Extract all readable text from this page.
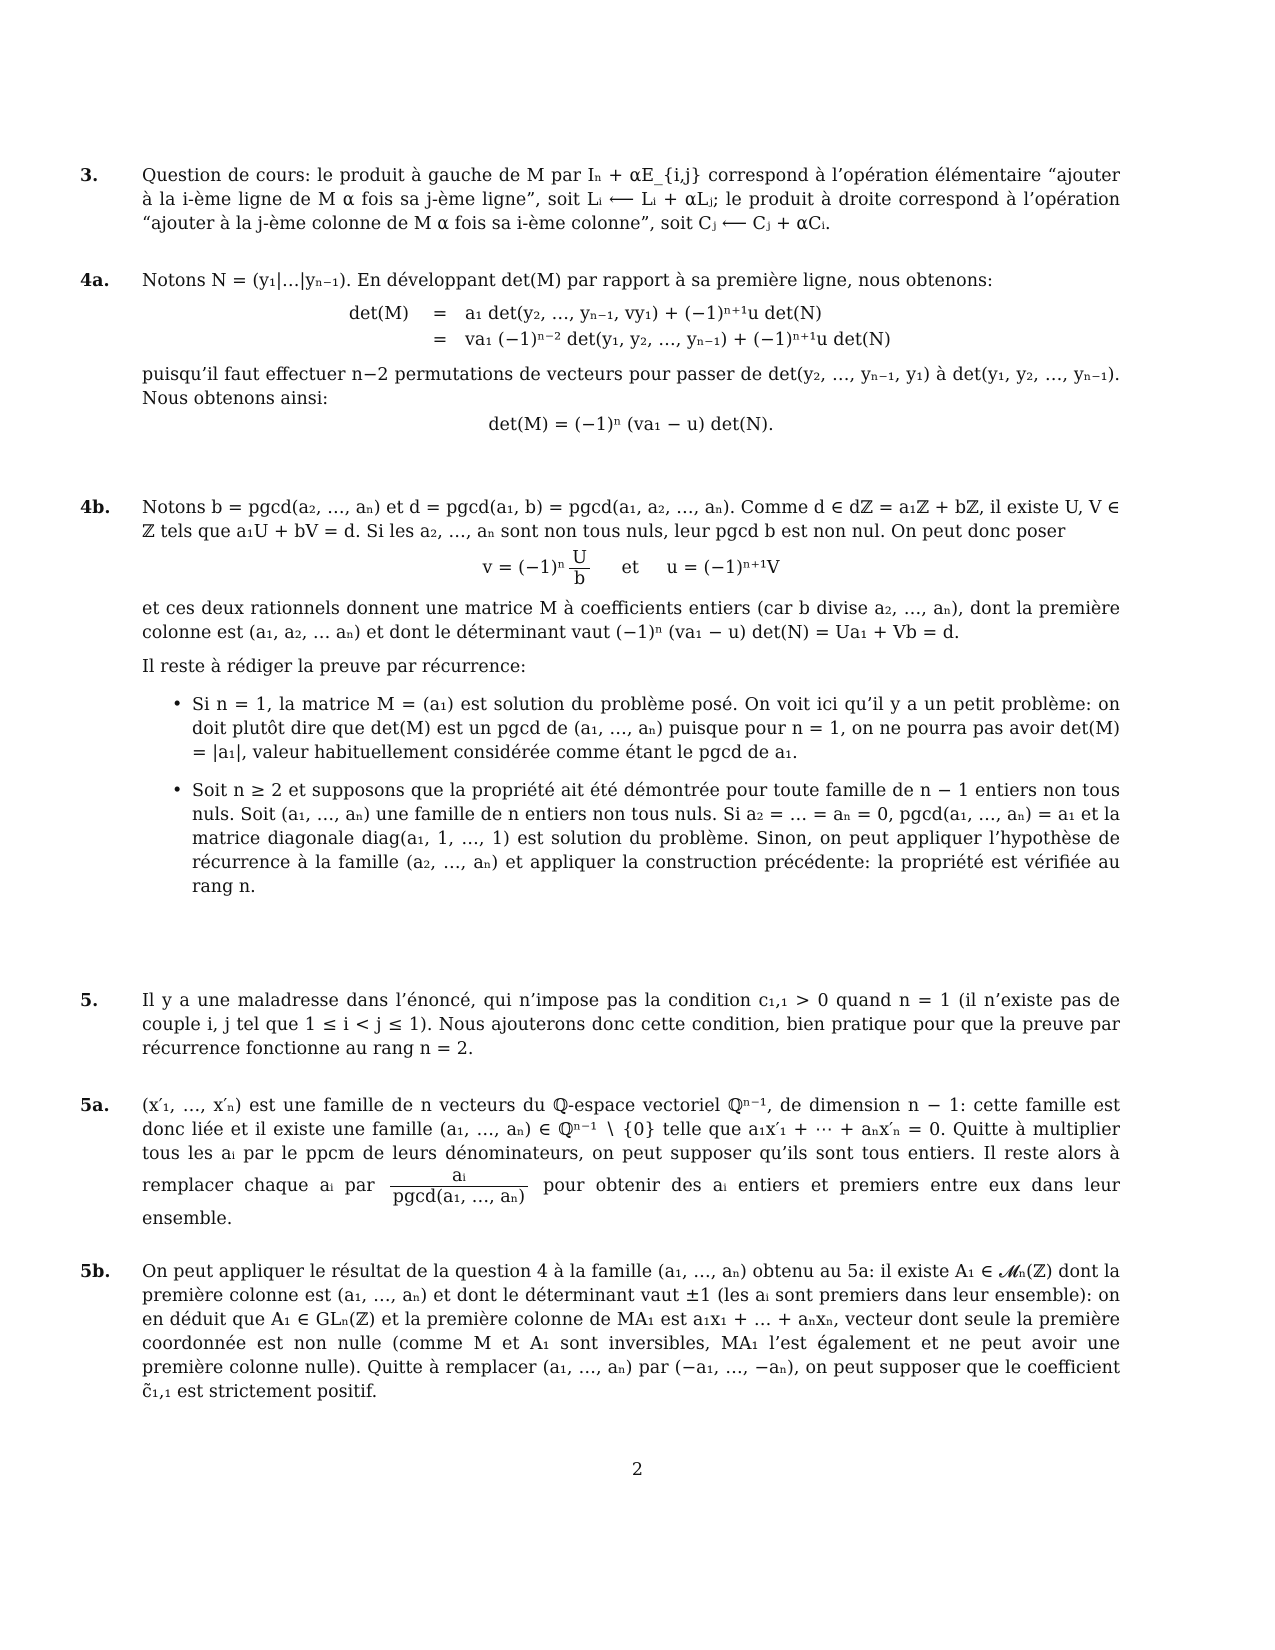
3.	Question de cours: le produit à gauche de M par Iₙ + αE_{i,j} correspond à l’opération élémentaire “ajouter à la i-ème ligne de M α fois sa j-ème ligne”, soit Lᵢ ⟵ Lᵢ + αLⱼ; le produit à droite correspond à l’opération “ajouter à la j-ème colonne de M α fois sa i-ème colonne”, soit Cⱼ ⟵ Cⱼ + αCᵢ.

4a.	Notons N = (y₁|…|yₙ₋₁). En développant det(M) par rapport à sa première ligne, nous obtenons:

det(M)	=	a₁ det(y₂, …, yₙ₋₁, vy₁) + (−1)ⁿ⁺¹u det(N)
=	va₁ (−1)ⁿ⁻² det(y₁, y₂, …, yₙ₋₁) + (−1)ⁿ⁺¹u det(N)

puisqu’il faut effectuer n−2 permutations de vecteurs pour passer de det(y₂, …, yₙ₋₁, y₁) à det(y₁, y₂, …, yₙ₋₁). Nous obtenons ainsi:

det(M) = (−1)ⁿ (va₁ − u) det(N).
4b.	Notons b = pgcd(a₂, …, aₙ) et d = pgcd(a₁, b) = pgcd(a₁, a₂, …, aₙ). Comme d ∈ dℤ = a₁ℤ + bℤ, il existe U, V ∈ ℤ tels que a₁U + bV = d. Si les a₂, …, aₙ sont non tous nuls, leur pgcd b est non nul. On peut donc poser

$v = (-1)^n \frac{U}{b}$ et u = (−1)ⁿ⁺¹V

et ces deux rationnels donnent une matrice M à coefficients entiers (car b divise a₂, …, aₙ), dont la première colonne est (a₁, a₂, … aₙ) et dont le déterminant vaut (−1)ⁿ (va₁ − u) det(N) = Ua₁ + Vb = d.

Il reste à rédiger la preuve par récurrence:

• Si n = 1, la matrice M = (a₁) est solution du problème posé. On voit ici qu’il y a un petit problème: on doit plutôt dire que det(M) est un pgcd de (a₁, …, aₙ) puisque pour n = 1, on ne pourra pas avoir det(M) = |a₁|, valeur habituellement considérée comme étant le pgcd de a₁.
• Soit n ≥ 2 et supposons que la propriété ait été démontrée pour toute famille de n − 1 entiers non tous nuls. Soit (a₁, …, aₙ) une famille de n entiers non tous nuls. Si a₂ = … = aₙ = 0, pgcd(a₁, …, aₙ) = a₁ et la matrice diagonale diag(a₁, 1, …, 1) est solution du problème. Sinon, on peut appliquer l’hypothèse de récurrence à la famille (a₂, …, aₙ) et appliquer la construction précédente: la propriété est vérifiée au rang n.
5.	Il y a une maladresse dans l’énoncé, qui n’impose pas la condition c₁,₁ > 0 quand n = 1 (il n’existe pas de couple i, j tel que 1 ≤ i < j ≤ 1). Nous ajouterons donc cette condition, bien pratique pour que la preuve par récurrence fonctionne au rang n = 2.

5a.	(x′₁, …, x′ₙ) est une famille de n vecteurs du ℚ-espace vectoriel ℚⁿ⁻¹, de dimension n − 1: cette famille est donc liée et il existe une famille (a₁, …, aₙ) ∈ ℚⁿ⁻¹ ∖ {0} telle que a₁x′₁ + ⋯ + aₙx′ₙ = 0. Quitte à multiplier tous les aᵢ par le ppcm de leurs dénominateurs, on peut supposer qu’ils sont tous entiers. Il reste alors à remplacer chaque aᵢ par $\frac{\text{aᵢ}}{\text{pgcd(a₁, …, aₙ)}}$ pour obtenir des aᵢ entiers et premiers entre eux dans leur ensemble.

5b.	On peut appliquer le résultat de la question 4 à la famille (a₁, …, aₙ) obtenu au 5a: il existe A₁ ∈ 𝓜ₙ(ℤ) dont la première colonne est (a₁, …, aₙ) et dont le déterminant vaut ±1 (les aᵢ sont premiers dans leur ensemble): on en déduit que A₁ ∈ GLₙ(ℤ) et la première colonne de MA₁ est a₁x₁ + … + aₙxₙ, vecteur dont seule la première coordonnée est non nulle (comme M et A₁ sont inversibles, MA₁ l’est également et ne peut avoir une première colonne nulle). Quitte à remplacer (a₁, …, aₙ) par (−a₁, …, −aₙ), on peut supposer que le coefficient c̃₁,₁ est strictement positif.

2
